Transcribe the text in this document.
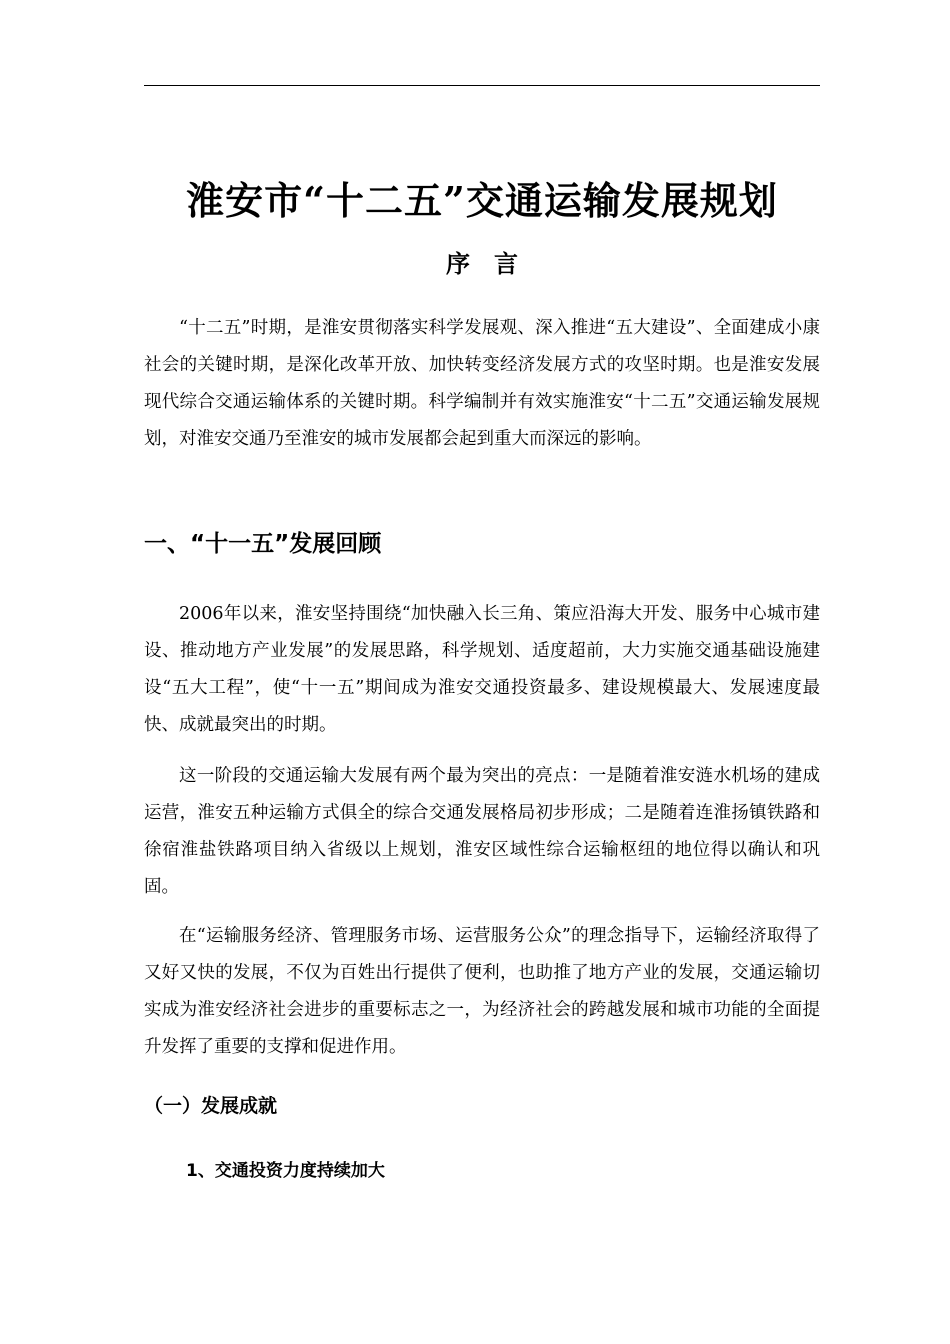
淮安市“十二五”交通运输发展规划
序　言

“十二五”时期，是淮安贯彻落实科学发展观、深入推进“五大建设”、全面建成小康社会的关键时期，是深化改革开放、加快转变经济发展方式的攻坚时期。也是淮安发展现代综合交通运输体系的关键时期。科学编制并有效实施淮安“十二五”交通运输发展规划，对淮安交通乃至淮安的城市发展都会起到重大而深远的影响。

一、“十一五”发展回顾

2006年以来，淮安坚持围绕“加快融入长三角、策应沿海大开发、服务中心城市建设、推动地方产业发展”的发展思路，科学规划、适度超前，大力实施交通基础设施建设“五大工程”，使“十一五”期间成为淮安交通投资最多、建设规模最大、发展速度最快、成就最突出的时期。

这一阶段的交通运输大发展有两个最为突出的亮点：一是随着淮安涟水机场的建成运营，淮安五种运输方式俱全的综合交通发展格局初步形成；二是随着连淮扬镇铁路和徐宿淮盐铁路项目纳入省级以上规划，淮安区域性综合运输枢纽的地位得以确认和巩固。

在“运输服务经济、管理服务市场、运营服务公众”的理念指导下，运输经济取得了又好又快的发展，不仅为百姓出行提供了便利，也助推了地方产业的发展，交通运输切实成为淮安经济社会进步的重要标志之一，为经济社会的跨越发展和城市功能的全面提升发挥了重要的支撑和促进作用。

（一）发展成就
1、交通投资力度持续加大
